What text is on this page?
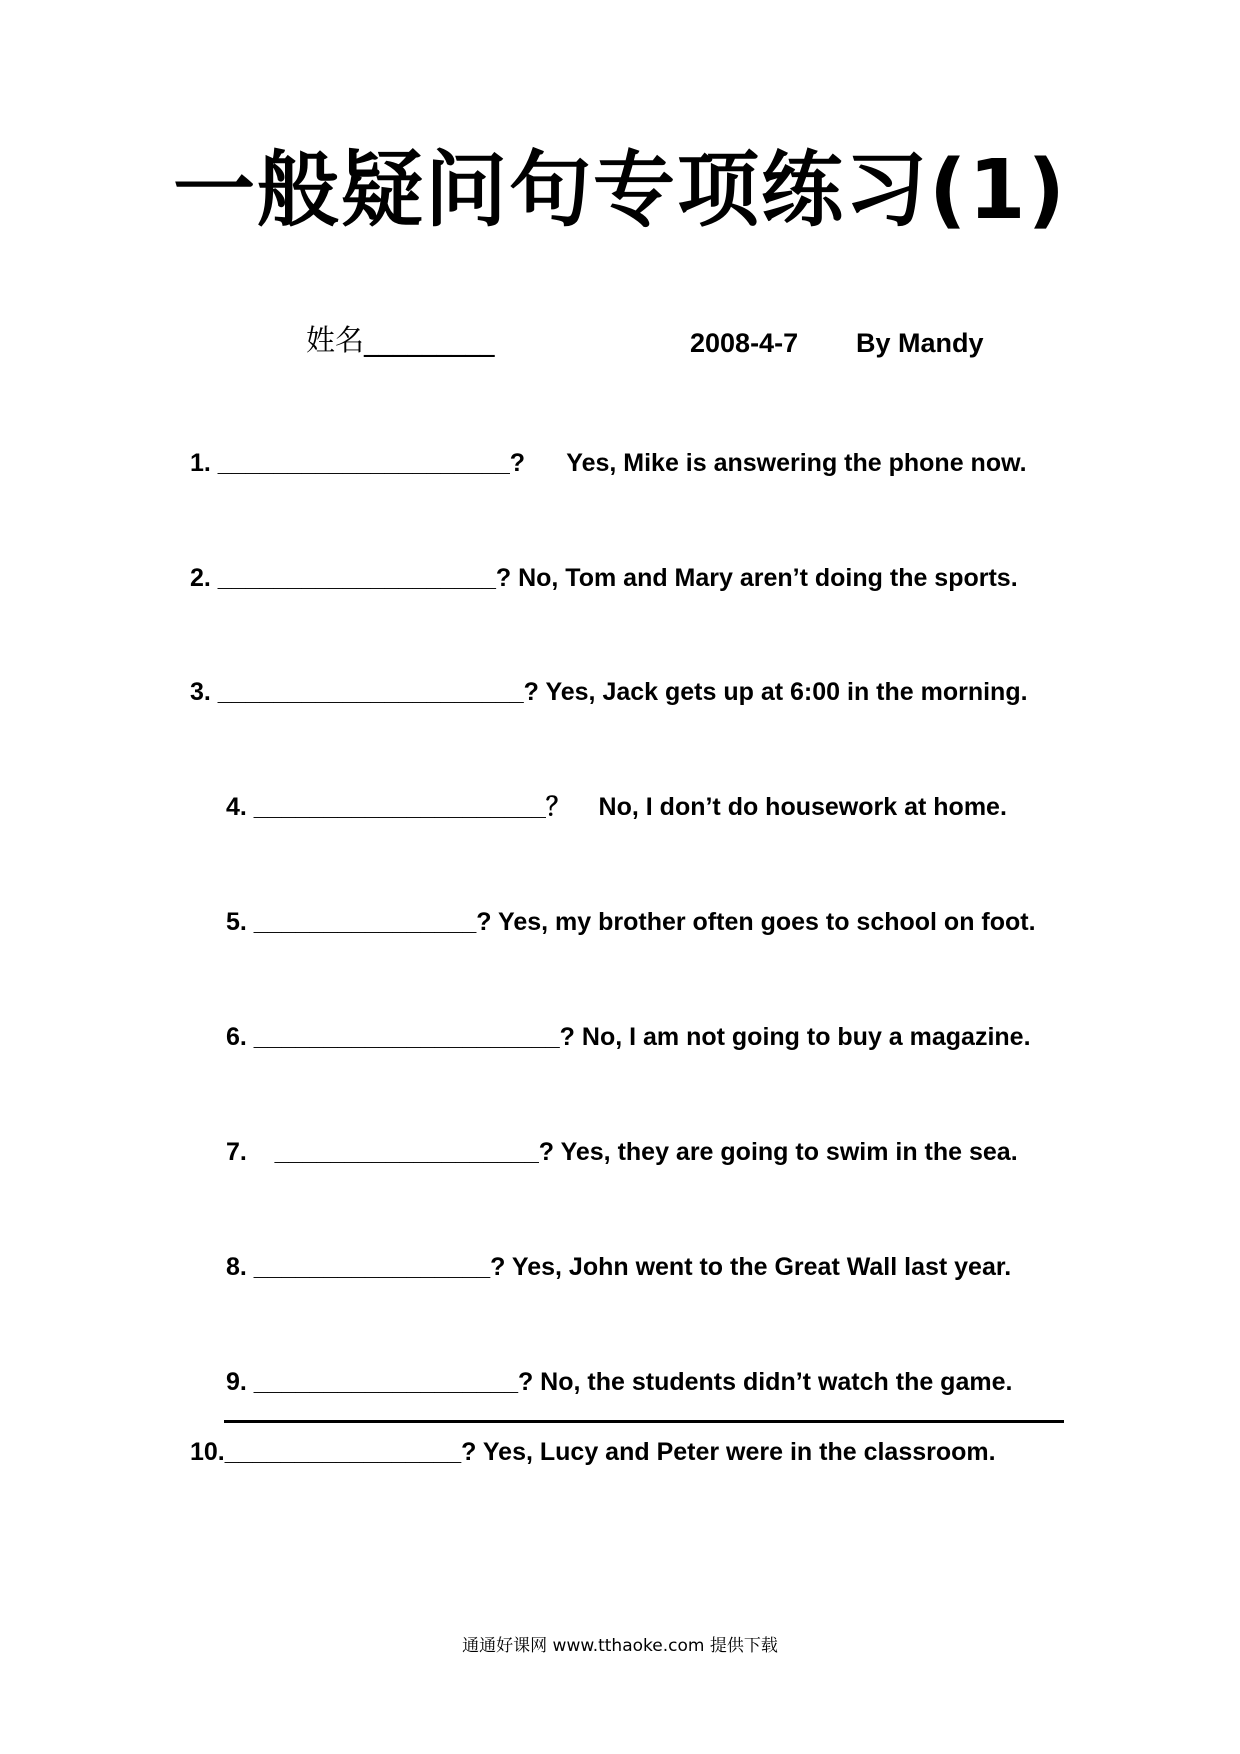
一般疑问句专项练习(1)
姓名_________	2008-4-7 By Mandy
1. _____________________?      Yes, Mike is answering the phone now.
2. ____________________? No, Tom and Mary aren’t doing the sports.
3. ______________________? Yes, Jack gets up at 6:00 in the morning.
4. _____________________？    No, I don’t do housework at home.
5. ________________? Yes, my brother often goes to school on foot.
6. ______________________? No, I am not going to buy a magazine.
7.    ___________________? Yes, they are going to swim in the sea.
8. _________________? Yes, John went to the Great Wall last year.
9. ___________________? No, the students didn’t watch the game.
10._________________? Yes, Lucy and Peter were in the classroom.
通通好课网 www.tthaoke.com 提供下载
